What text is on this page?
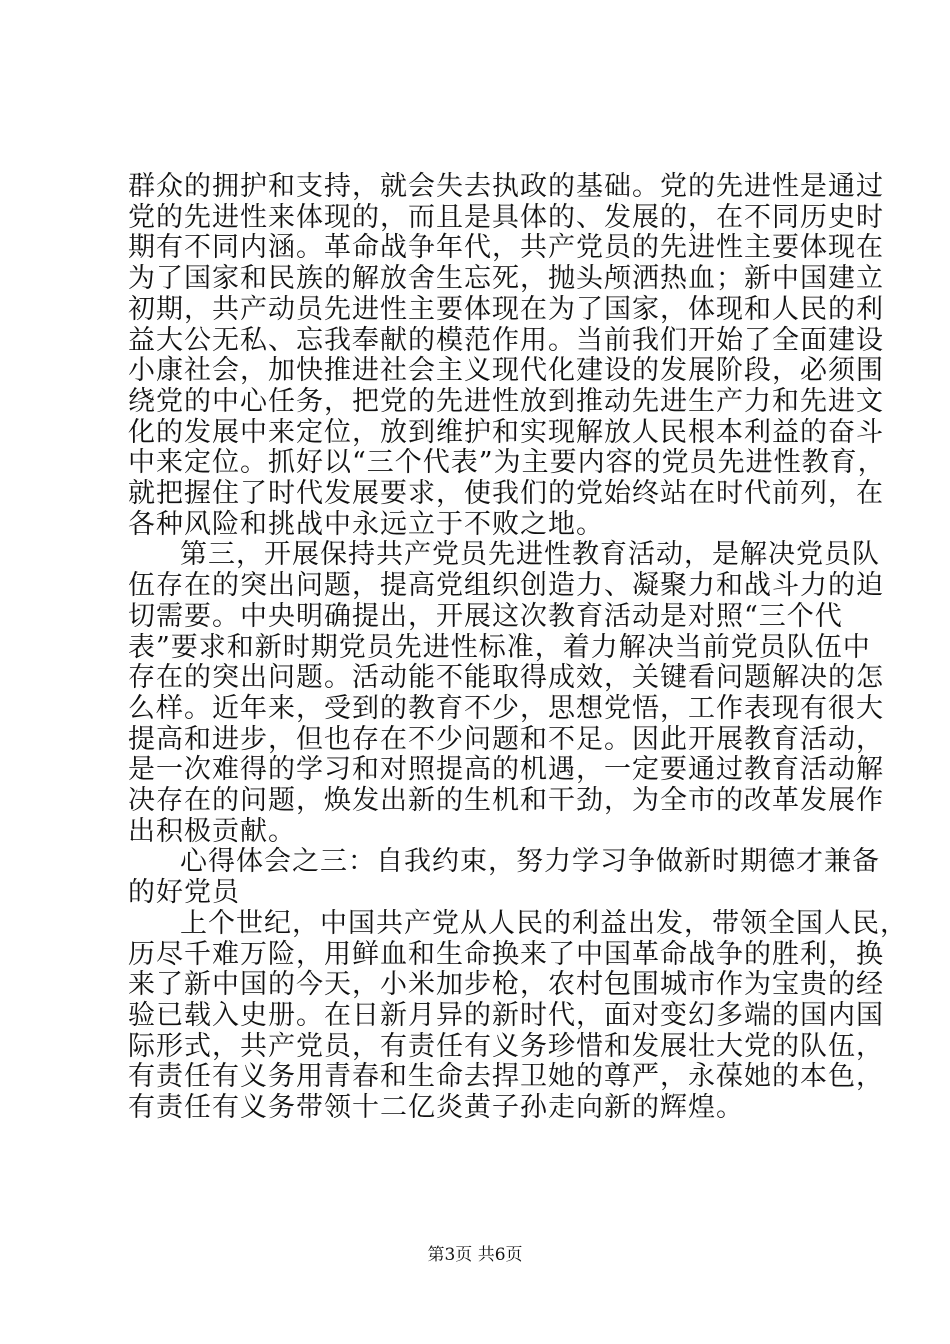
群众的拥护和支持，就会失去执政的基础。党的先进性是通过
党的先进性来体现的，而且是具体的、发展的，在不同历史时
期有不同内涵。革命战争年代，共产党员的先进性主要体现在
为了国家和民族的解放舍生忘死，抛头颅洒热血；新中国建立
初期，共产动员先进性主要体现在为了国家，体现和人民的利
益大公无私、忘我奉献的模范作用。当前我们开始了全面建设
小康社会，加快推进社会主义现代化建设的发展阶段，必须围
绕党的中心任务，把党的先进性放到推动先进生产力和先进文
化的发展中来定位，放到维护和实现解放人民根本利益的奋斗
中来定位。抓好以“三个代表”为主要内容的党员先进性教育，
就把握住了时代发展要求，使我们的党始终站在时代前列，在
各种风险和挑战中永远立于不败之地。
第三，开展保持共产党员先进性教育活动，是解决党员队
伍存在的突出问题，提高党组织创造力、凝聚力和战斗力的迫
切需要。中央明确提出，开展这次教育活动是对照“三个代
表”要求和新时期党员先进性标准，着力解决当前党员队伍中
存在的突出问题。活动能不能取得成效，关键看问题解决的怎
么样。近年来，受到的教育不少，思想党悟，工作表现有很大
提高和进步，但也存在不少问题和不足。因此开展教育活动，
是一次难得的学习和对照提高的机遇，一定要通过教育活动解
决存在的问题，焕发出新的生机和干劲，为全市的改革发展作
出积极贡献。
心得体会之三：自我约束，努力学习争做新时期德才兼备
的好党员
上个世纪，中国共产党从人民的利益出发，带领全国人民，
历尽千难万险，用鲜血和生命换来了中国革命战争的胜利，换
来了新中国的今天，小米加步枪，农村包围城市作为宝贵的经
验已载入史册。在日新月异的新时代，面对变幻多端的国内国
际形式，共产党员，有责任有义务珍惜和发展壮大党的队伍，
有责任有义务用青春和生命去捍卫她的尊严，永葆她的本色，
有责任有义务带领十二亿炎黄子孙走向新的辉煌。
第3页 共6页
